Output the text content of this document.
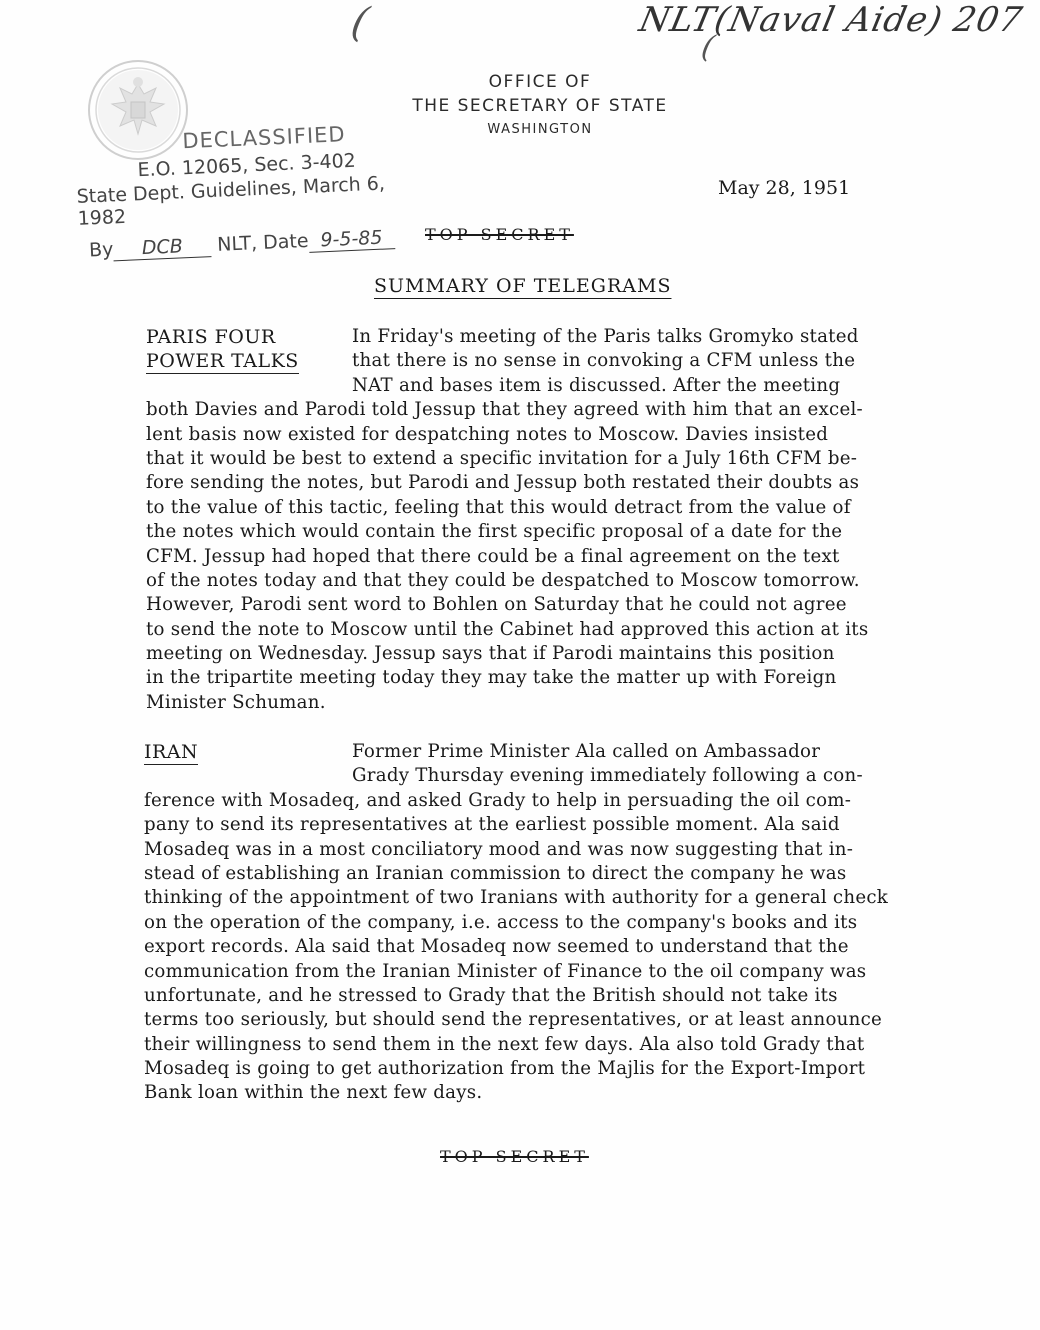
(	NLT(Naval Aide) 207
(
OFFICE OF
THE SECRETARY OF STATE
WASHINGTON
DECLASSIFIED
E.O. 12065, Sec. 3-402
State Dept. Guidelines, March 6, 1982
By DCB NLT, Date 9-5-85
May 28, 1951
TOP SECRET
SUMMARY OF TELEGRAMS
PARIS FOUR
POWER TALKS
In Friday's meeting of the Paris talks Gromyko stated
that there is no sense in convoking a CFM unless the
NAT and bases item is discussed. After the meeting
both Davies and Parodi told Jessup that they agreed with him that an excel-
lent basis now existed for despatching notes to Moscow. Davies insisted
that it would be best to extend a specific invitation for a July 16th CFM be-
fore sending the notes, but Parodi and Jessup both restated their doubts as
to the value of this tactic, feeling that this would detract from the value of
the notes which would contain the first specific proposal of a date for the
CFM. Jessup had hoped that there could be a final agreement on the text
of the notes today and that they could be despatched to Moscow tomorrow.
However, Parodi sent word to Bohlen on Saturday that he could not agree
to send the note to Moscow until the Cabinet had approved this action at its
meeting on Wednesday. Jessup says that if Parodi maintains this position
in the tripartite meeting today they may take the matter up with Foreign
Minister Schuman.
IRAN	Former Prime Minister Ala called on Ambassador
Grady Thursday evening immediately following a con-
ference with Mosadeq, and asked Grady to help in persuading the oil com-
pany to send its representatives at the earliest possible moment. Ala said
Mosadeq was in a most conciliatory mood and was now suggesting that in-
stead of establishing an Iranian commission to direct the company he was
thinking of the appointment of two Iranians with authority for a general check
on the operation of the company, i.e. access to the company's books and its
export records. Ala said that Mosadeq now seemed to understand that the
communication from the Iranian Minister of Finance to the oil company was
unfortunate, and he stressed to Grady that the British should not take its
terms too seriously, but should send the representatives, or at least announce
their willingness to send them in the next few days. Ala also told Grady that
Mosadeq is going to get authorization from the Majlis for the Export-Import
Bank loan within the next few days.
TOP SECRET
